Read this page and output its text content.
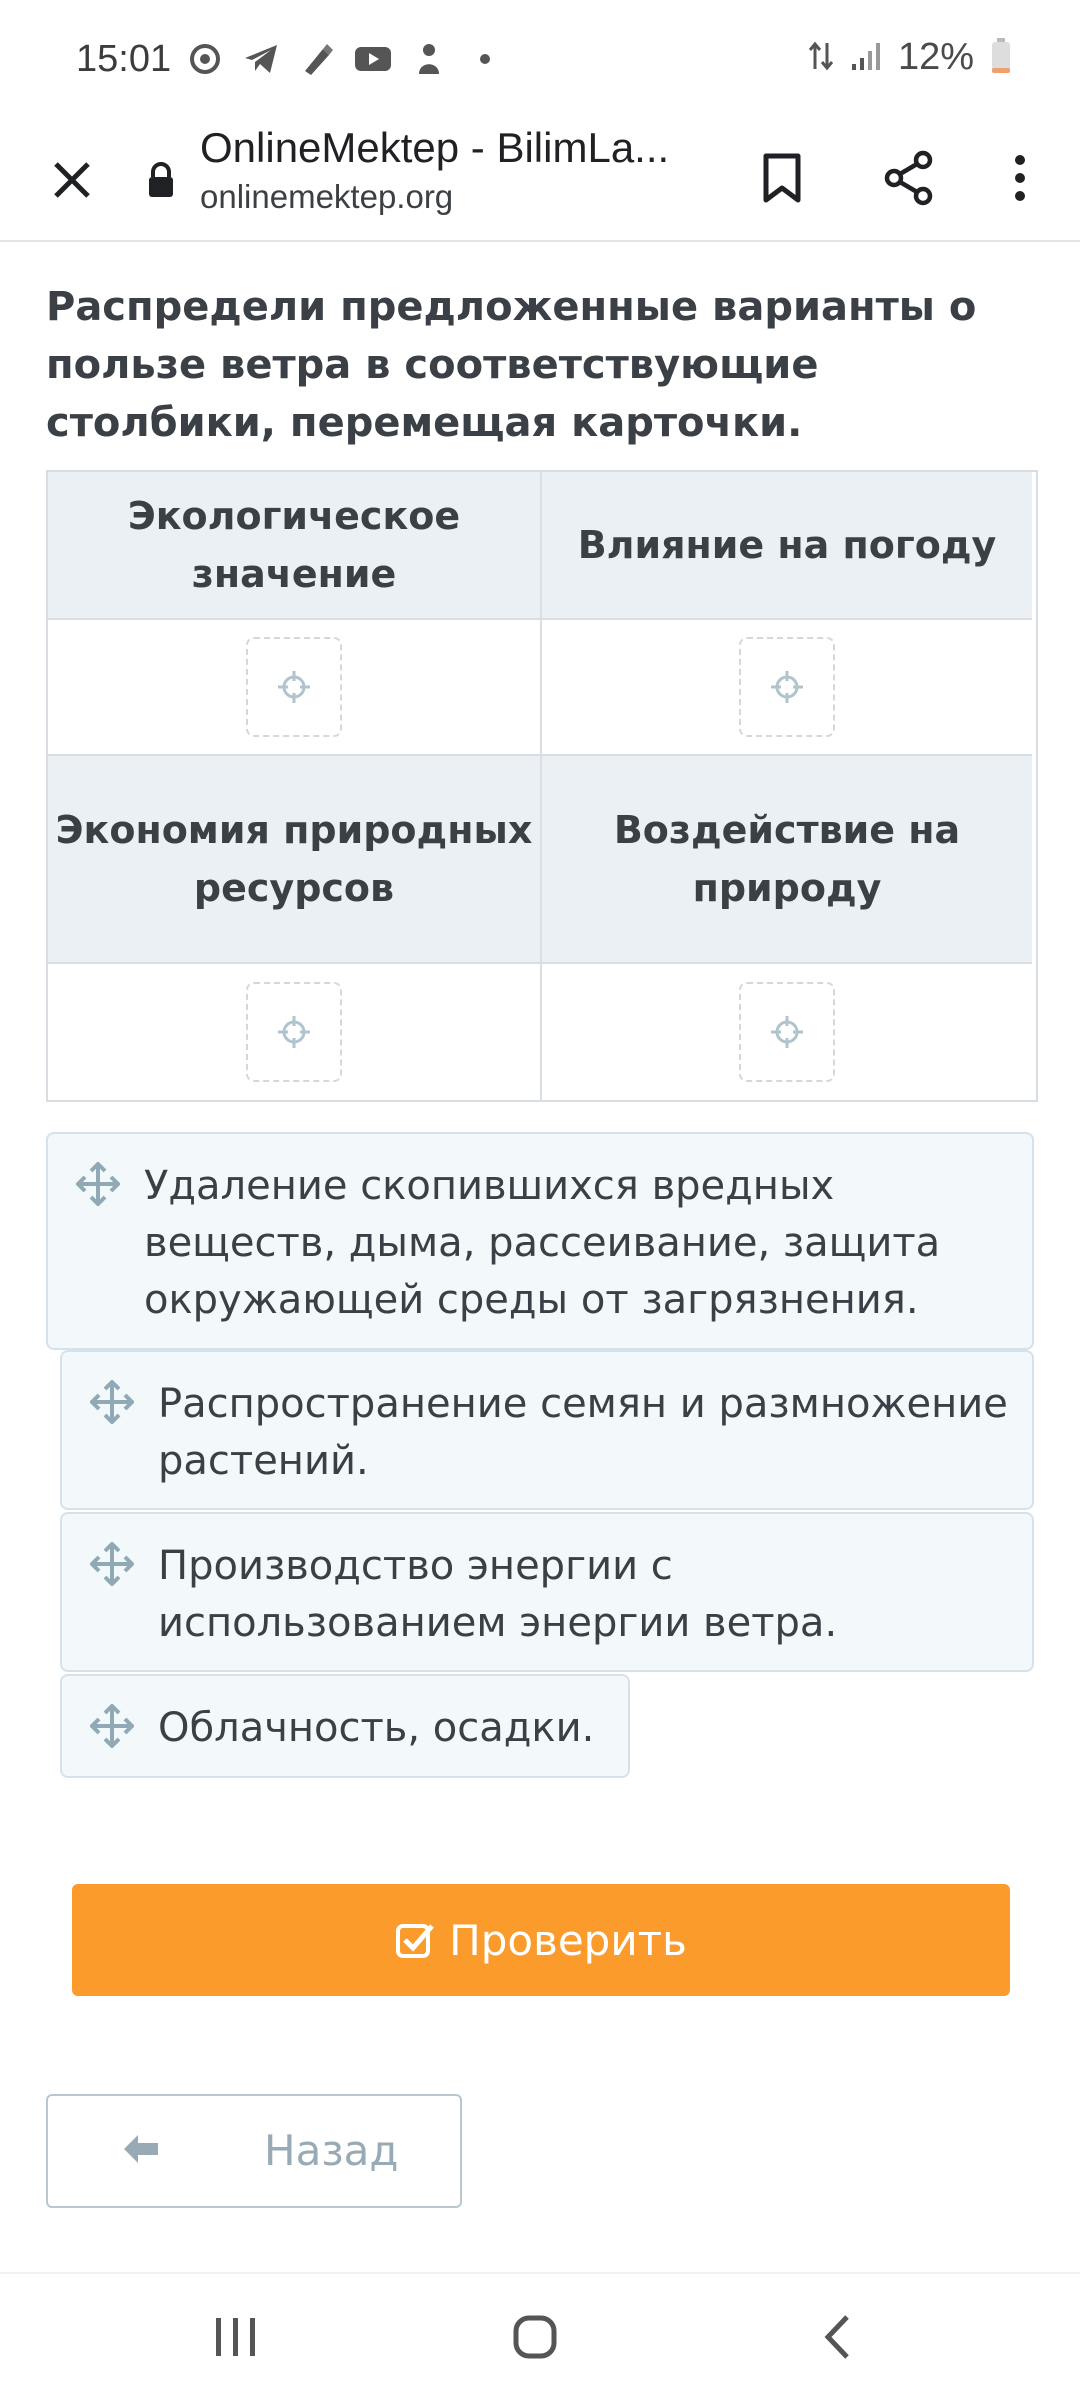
15:01	12%
OnlineMektep - BilimLa...
onlinemektep.org
Распредели предложенные варианты о пользе ветра в соответствующие столбики, перемещая карточки.
Экологическое значение
Влияние на погоду
Экономия природных ресурсов
Воздействие на природу
Удаление скопившихся вредных веществ, дыма, рассеивание, защита окружающей среды от загрязнения.
Распространение семян и размножение растений.
Производство энергии с использованием энергии ветра.
Облачность, осадки.
Проверить
Назад
